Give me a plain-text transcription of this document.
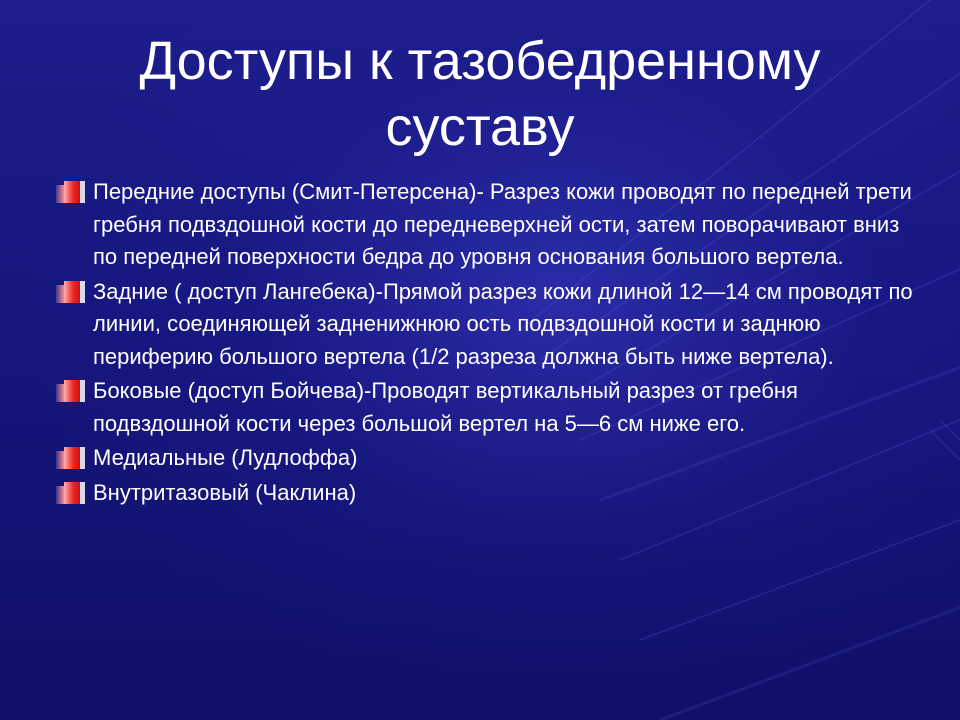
Доступы к тазобедренному суставу
Передние доступы (Смит-Петерсена)- Разрез кожи проводят по передней трети гребня подвздошной кости до передневерхней ости, затем поворачивают вниз по передней поверхности бедра до уровня основания большого вертела.
Задние ( доступ Лангебека)-Прямой разрез кожи длиной 12—14 см проводят по линии, соединяющей задненижнюю ость подвздошной кости и заднюю периферию большого вертела (1/2 разреза должна быть ниже вертела).
Боковые (доступ Бойчева)-Проводят вертикальный разрез от гребня подвздошной кости через большой вертел на 5—6 см ниже его.
Медиальные (Лудлоффа)
Внутритазовый (Чаклина)
